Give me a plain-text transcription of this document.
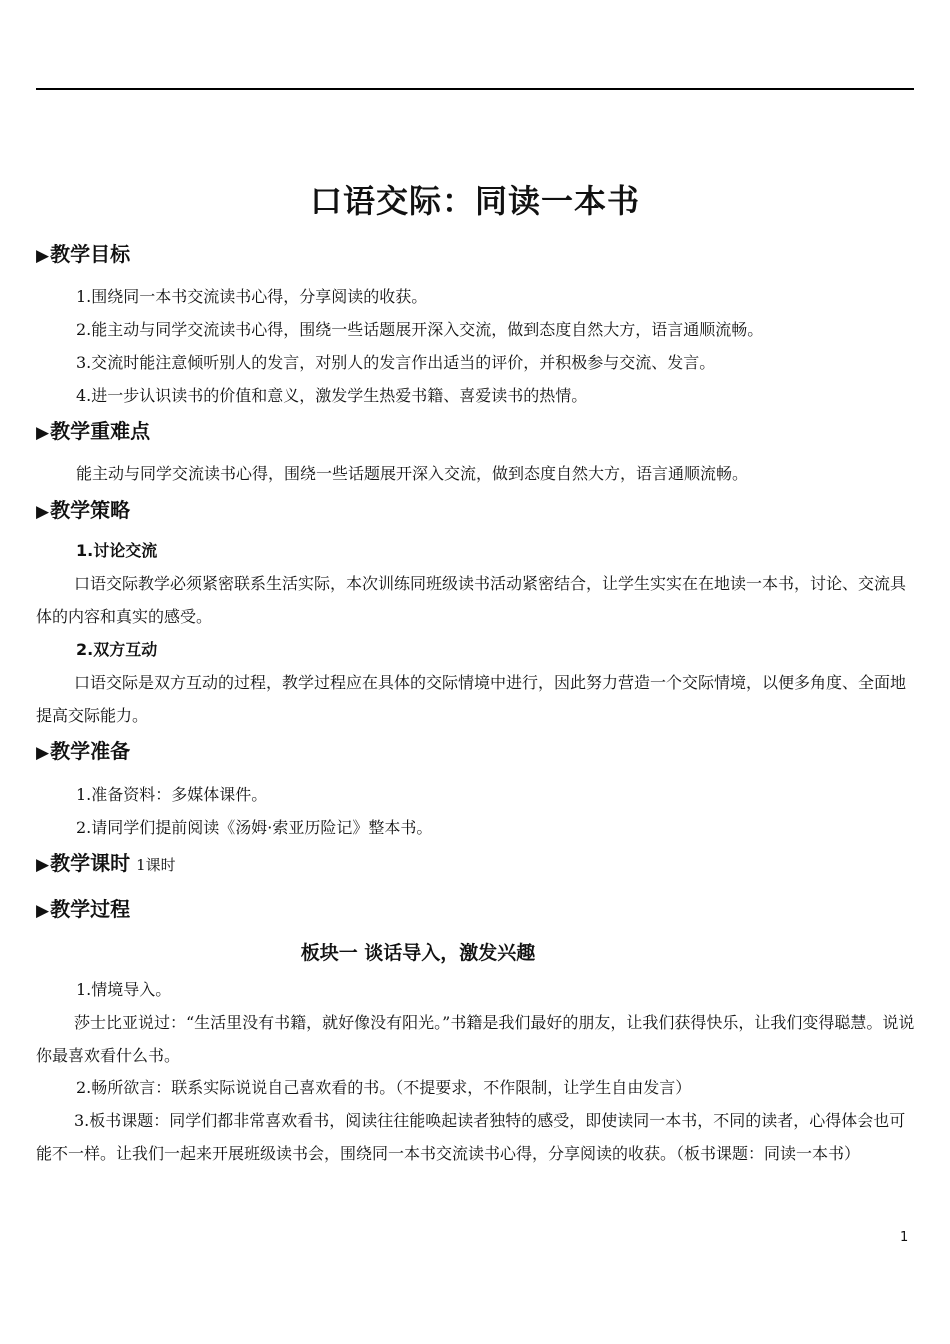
口语交际：同读一本书
▶教学目标
1.围绕同一本书交流读书心得，分享阅读的收获。
2.能主动与同学交流读书心得，围绕一些话题展开深入交流，做到态度自然大方，语言通顺流畅。
3.交流时能注意倾听别人的发言，对别人的发言作出适当的评价，并积极参与交流、发言。
4.进一步认识读书的价值和意义，激发学生热爱书籍、喜爱读书的热情。
▶教学重难点
能主动与同学交流读书心得，围绕一些话题展开深入交流，做到态度自然大方，语言通顺流畅。
▶教学策略
1.讨论交流
口语交际教学必须紧密联系生活实际，本次训练同班级读书活动紧密结合，让学生实实在在地读一本书，讨论、交流具体的内容和真实的感受。
2.双方互动
口语交际是双方互动的过程，教学过程应在具体的交际情境中进行，因此努力营造一个交际情境，以便多角度、全面地提高交际能力。
▶教学准备
1.准备资料：多媒体课件。
2.请同学们提前阅读《汤姆·索亚历险记》整本书。
▶教学课时 1课时
▶教学过程
板块一 谈话导入，激发兴趣
1.情境导入。
莎士比亚说过：“生活里没有书籍，就好像没有阳光。”书籍是我们最好的朋友，让我们获得快乐，让我们变得聪慧。说说你最喜欢看什么书。
2.畅所欲言：联系实际说说自己喜欢看的书。（不提要求，不作限制，让学生自由发言）
3.板书课题：同学们都非常喜欢看书，阅读往往能唤起读者独特的感受，即使读同一本书，不同的读者，心得体会也可能不一样。让我们一起来开展班级读书会，围绕同一本书交流读书心得，分享阅读的收获。（板书课题：同读一本书）
1
